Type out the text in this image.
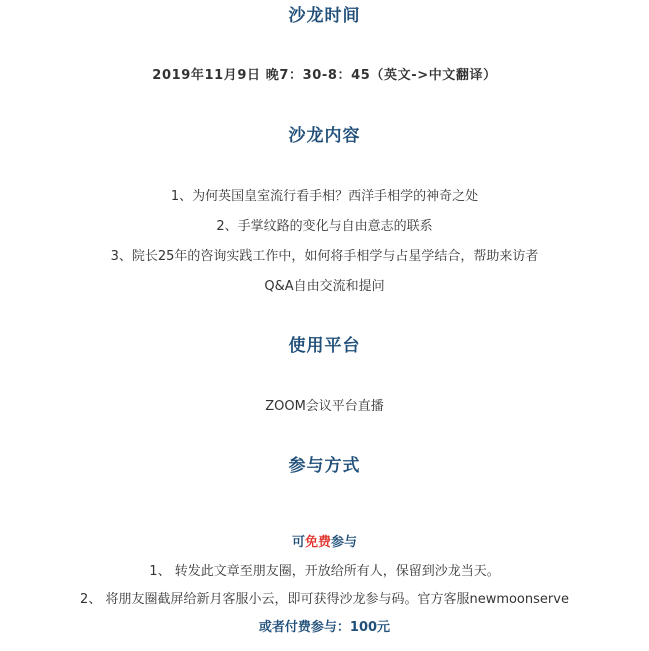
沙龙时间
2019年11月9日 晚7：30-8：45（英文->中文翻译）
沙龙内容
1、为何英国皇室流行看手相？西洋手相学的神奇之处
2、手掌纹路的变化与自由意志的联系
3、院长25年的咨询实践工作中，如何将手相学与占星学结合，帮助来访者
Q&A自由交流和提问
使用平台
ZOOM会议平台直播
参与方式
可免费参与
1、 转发此文章至朋友圈，开放给所有人，保留到沙龙当天。
2、 将朋友圈截屏给新月客服小云，即可获得沙龙参与码。官方客服newmoonserve
或者付费参与：100元
